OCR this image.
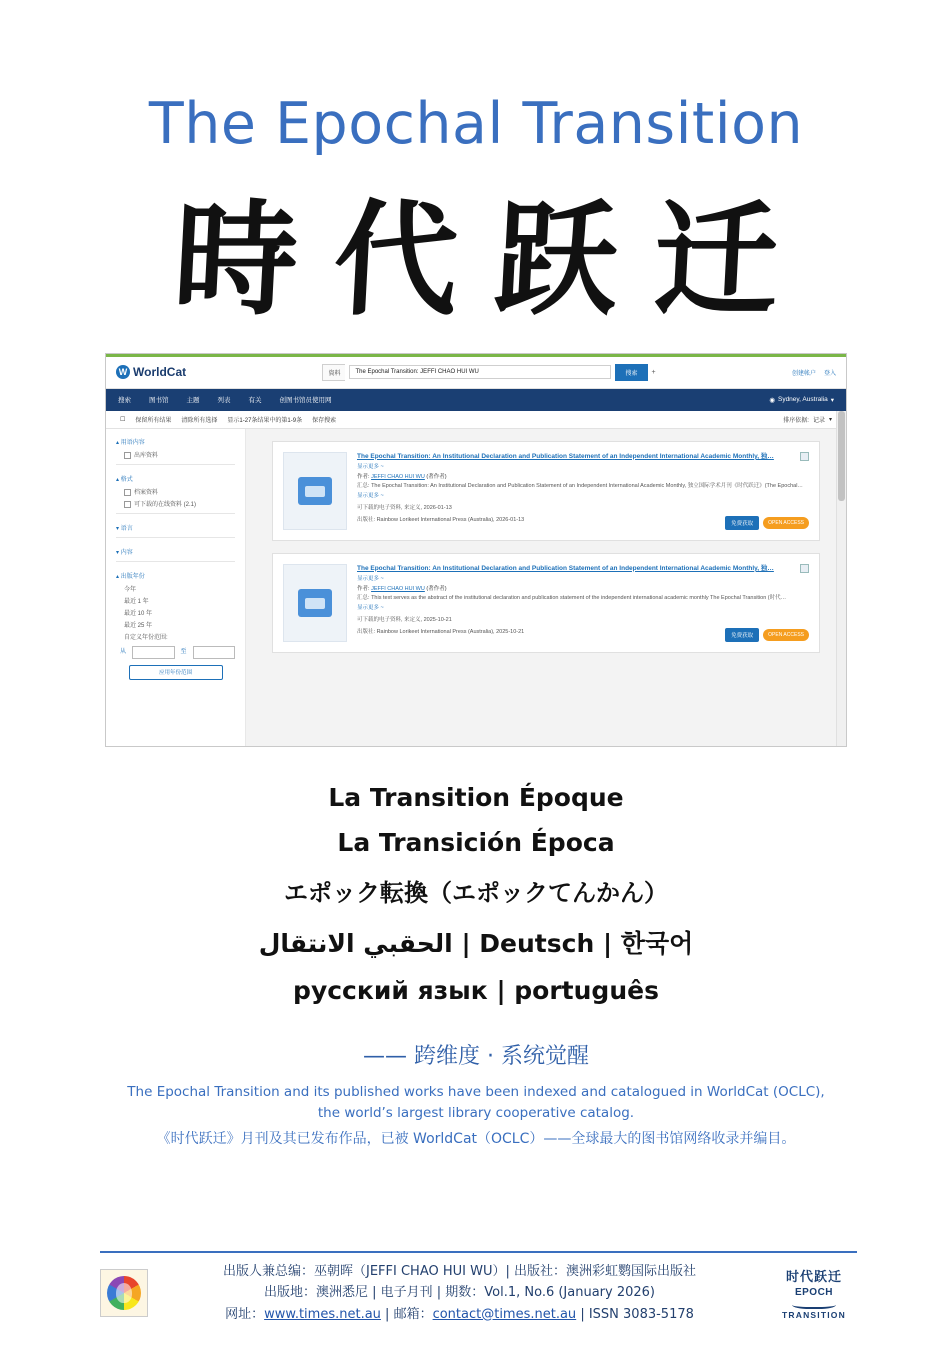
The Epochal Transition
時 代 跃 迁
W WorldCat	資料	The Epochal Transition: JEFFI CHAO HUI WU	搜索	+	创建帐户 登入
搜索	图书馆	主题	列表	有关	创图书馆员使用网	◉ Sydney, Australia ▾
☐ 保留所有结果 清除所有选择 显示1-27条结果中的第1-9条 保存搜索	排序依据: 记录 ▾
▴ 用语内容
出库资料
▴ 格式
档案资料
可下载的在线资料 (2.1)
▾ 语言
▾ 内容
▴ 出版年份
今年
最近 1 年
最近 10 年
最近 25 年
自定义年份范围:
从	至
应用年份范围
The Epochal Transition: An Institutional Declaration and Publication Statement of an Independent International Academic Monthly, 独…
显示更多 ~
作者: JEFFI CHAO HUI WU (著作者)
汇总: The Epochal Transition: An Institutional Declaration and Publication Statement of an Independent International Academic Monthly, 独立国际学术月刊《时代跃迁》(The Epochal…
显示更多 ~
可下载的电子资料, 来定义, 2026-01-13
出版社: Rainbow Lorikeet International Press (Australia), 2026-01-13
免费获取	OPEN ACCESS
The Epochal Transition: An Institutional Declaration and Publication Statement of an Independent International Academic Monthly, 独…
显示更多 ~
作者: JEFFI CHAO HUI WU (著作者)
汇总: This text serves as the abstract of the institutional declaration and publication statement of the independent international academic monthly The Epochal Transition (时代…
显示更多 ~
可下载的电子资料, 来定义, 2025-10-21
出版社: Rainbow Lorikeet International Press (Australia), 2025-10-21
免费获取	OPEN ACCESS
La Transition Époque
La Transición Época
エポック転換（エポックてんかん）
الحقبي الانتقال | Deutsch | 한국어
русский язык | português
—— 跨维度 · 系统觉醒
The Epochal Transition and its published works have been indexed and catalogued in WorldCat (OCLC),
the world’s largest library cooperative catalog.
《时代跃迁》月刊及其已发布作品，已被 WorldCat（OCLC）——全球最大的图书馆网络收录并编目。
出版人兼总编：巫朝晖（JEFFI CHAO HUI WU）| 出版社：澳洲彩虹鹦国际出版社
出版地：澳洲悉尼 | 电子月刊 | 期数：Vol.1, No.6 (January 2026)
网址：www.times.net.au | 邮箱：contact@times.net.au | ISSN 3083-5178
时代跃迁
EPOCH
TRANSITION
